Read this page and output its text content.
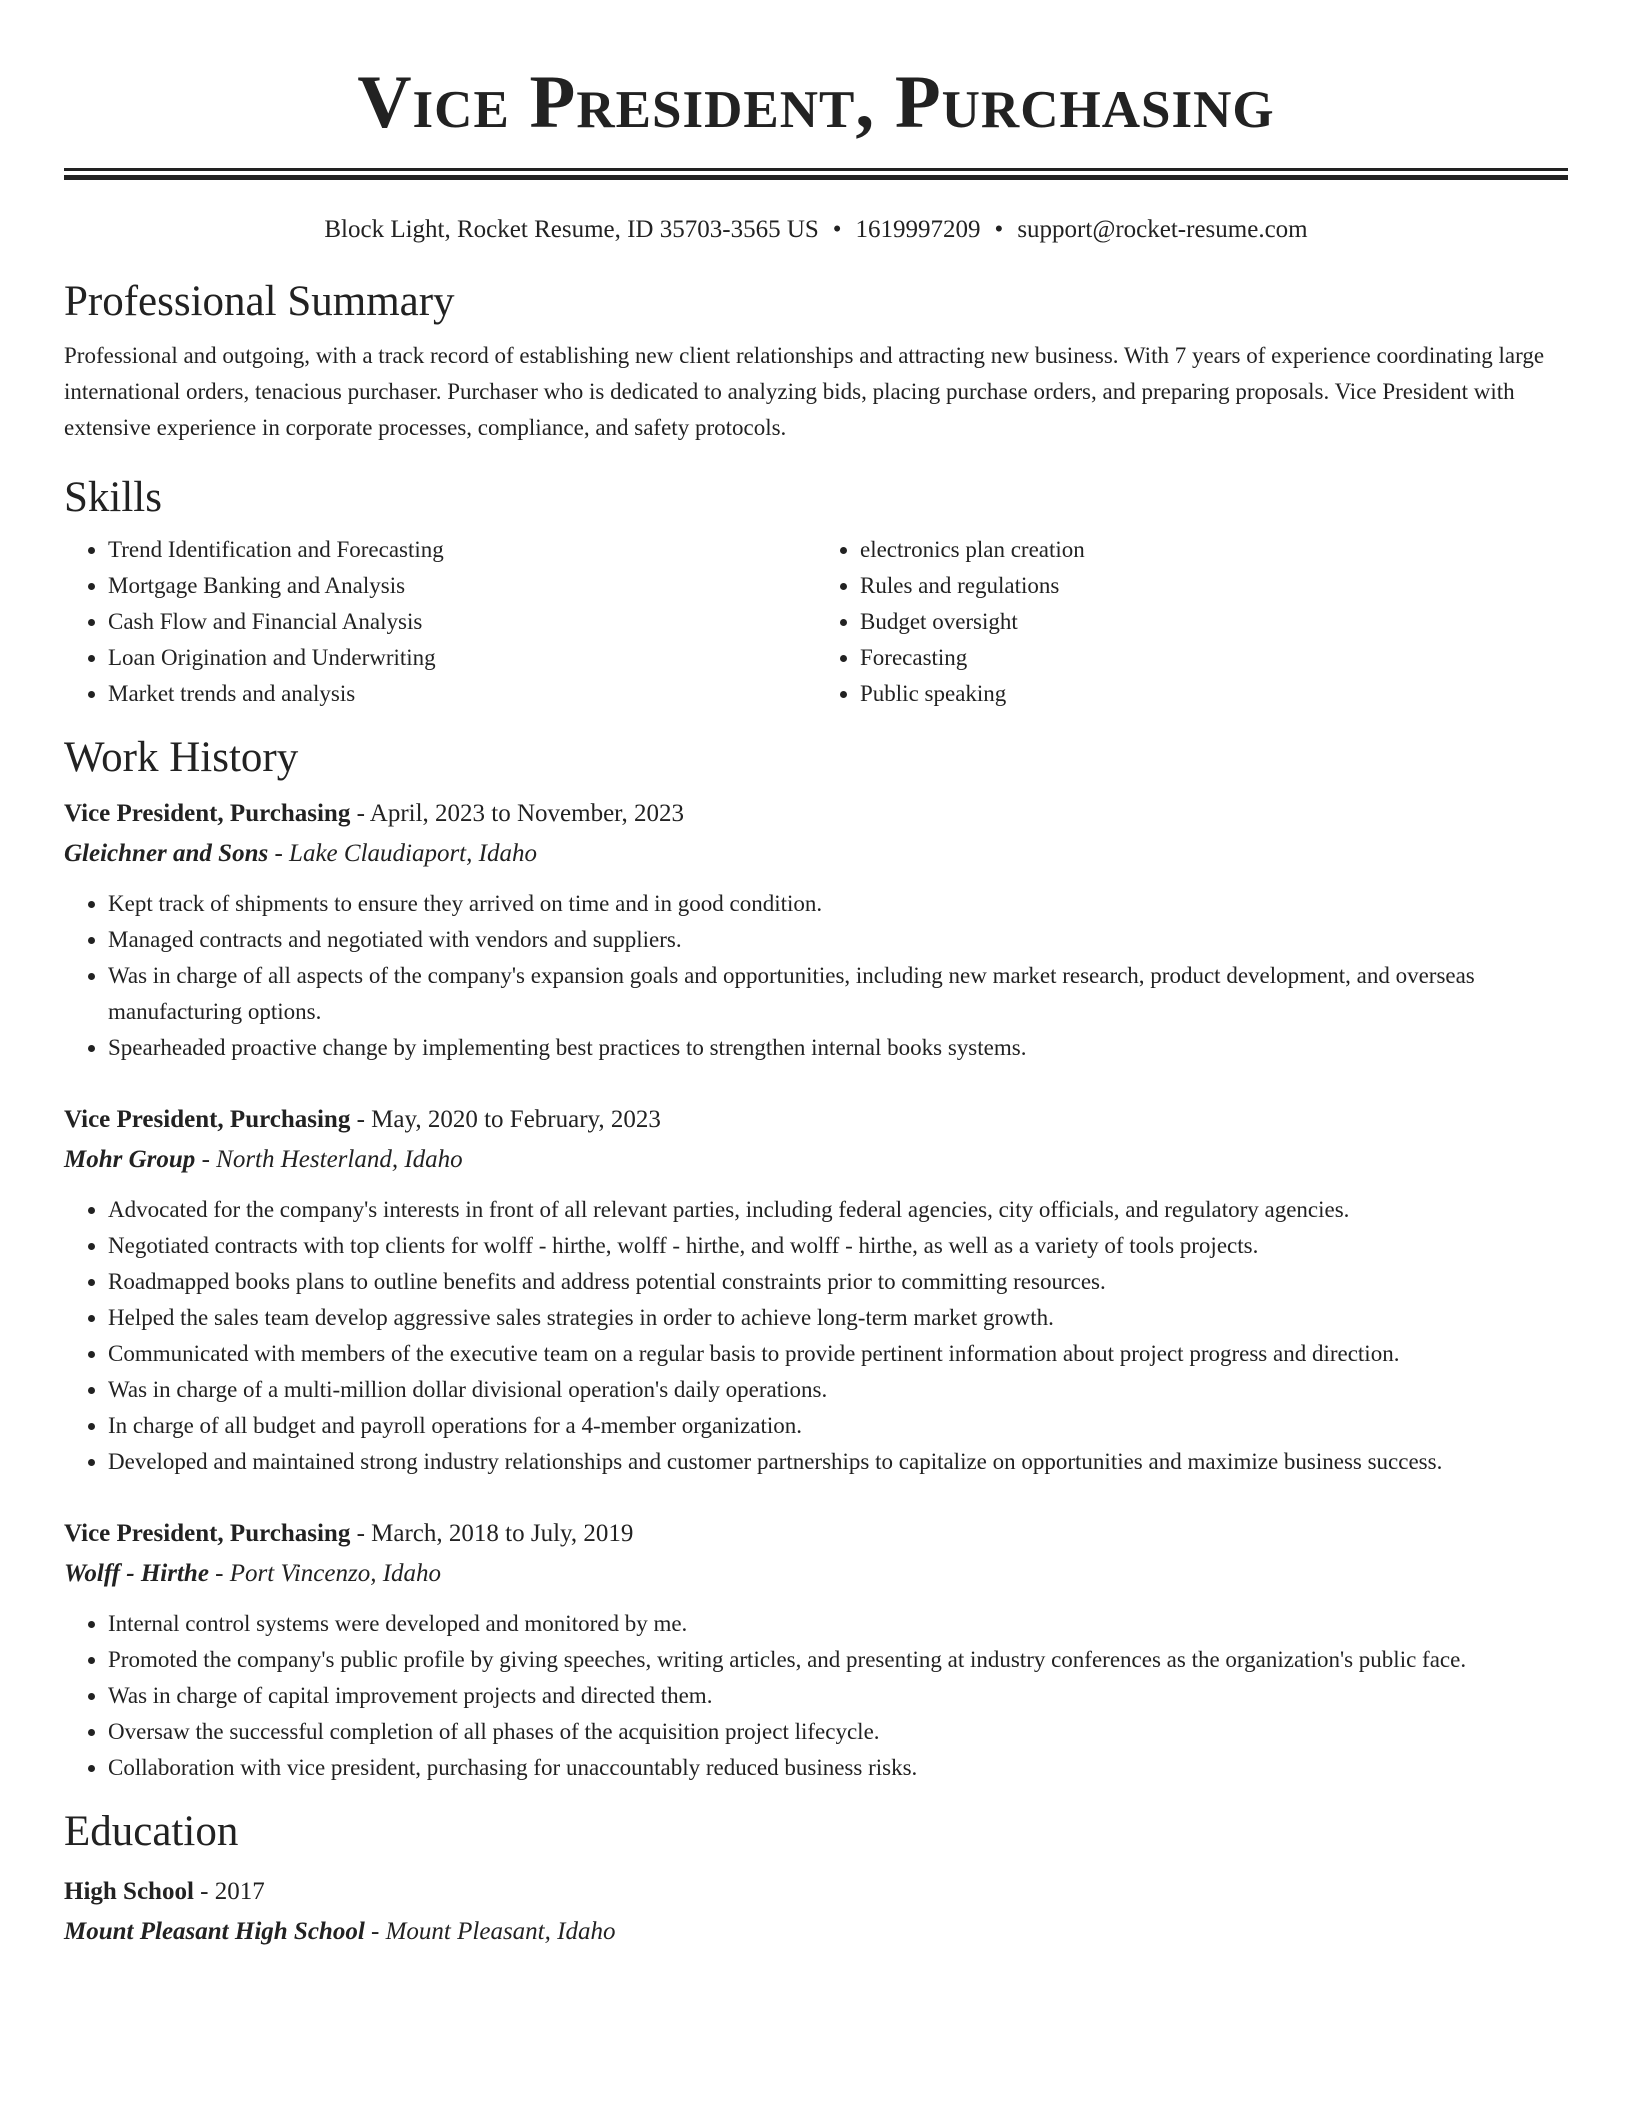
Vice President, Purchasing
Block Light, Rocket Resume, ID 35703-3565 US • 1619997209 • support@rocket-resume.com
Professional Summary

Professional and outgoing, with a track record of establishing new client relationships and attracting new business. With 7 years of experience coordinating large international orders, tenacious purchaser. Purchaser who is dedicated to analyzing bids, placing purchase orders, and preparing proposals. Vice President with extensive experience in corporate processes, compliance, and safety protocols.

Skills
• Trend Identification and Forecasting
• Mortgage Banking and Analysis
• Cash Flow and Financial Analysis
• Loan Origination and Underwriting
• Market trends and analysis
• electronics plan creation
• Rules and regulations
• Budget oversight
• Forecasting
• Public speaking
Work History
Vice President, Purchasing - April, 2023 to November, 2023
Gleichner and Sons - Lake Claudiaport, Idaho
• Kept track of shipments to ensure they arrived on time and in good condition.
• Managed contracts and negotiated with vendors and suppliers.
• Was in charge of all aspects of the company's expansion goals and opportunities, including new market research, product development, and overseas manufacturing options.
• Spearheaded proactive change by implementing best practices to strengthen internal books systems.
Vice President, Purchasing - May, 2020 to February, 2023
Mohr Group - North Hesterland, Idaho
• Advocated for the company's interests in front of all relevant parties, including federal agencies, city officials, and regulatory agencies.
• Negotiated contracts with top clients for wolff - hirthe, wolff - hirthe, and wolff - hirthe, as well as a variety of tools projects.
• Roadmapped books plans to outline benefits and address potential constraints prior to committing resources.
• Helped the sales team develop aggressive sales strategies in order to achieve long-term market growth.
• Communicated with members of the executive team on a regular basis to provide pertinent information about project progress and direction.
• Was in charge of a multi-million dollar divisional operation's daily operations.
• In charge of all budget and payroll operations for a 4-member organization.
• Developed and maintained strong industry relationships and customer partnerships to capitalize on opportunities and maximize business success.
Vice President, Purchasing - March, 2018 to July, 2019
Wolff - Hirthe - Port Vincenzo, Idaho
• Internal control systems were developed and monitored by me.
• Promoted the company's public profile by giving speeches, writing articles, and presenting at industry conferences as the organization's public face.
• Was in charge of capital improvement projects and directed them.
• Oversaw the successful completion of all phases of the acquisition project lifecycle.
• Collaboration with vice president, purchasing for unaccountably reduced business risks.
Education
High School - 2017
Mount Pleasant High School - Mount Pleasant, Idaho
